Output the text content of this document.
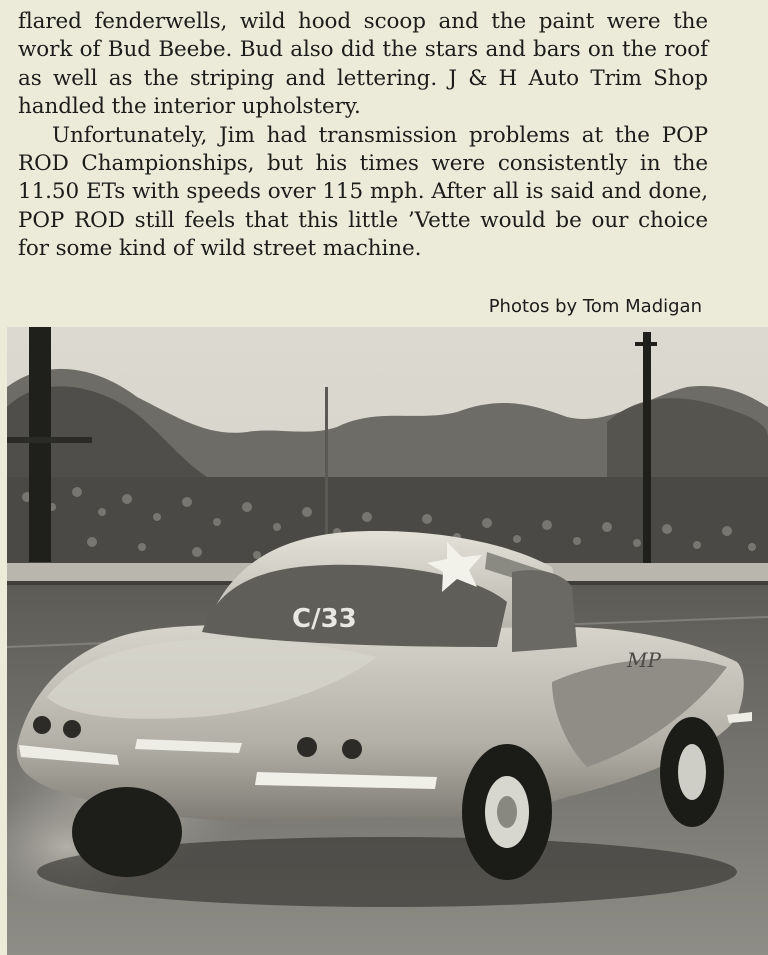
flared fenderwells, wild hood scoop and the paint were the work of Bud Beebe. Bud also did the stars and bars on the roof as well as the striping and lettering. J & H Auto Trim Shop handled the interior upholstery.

Unfortunately, Jim had transmission problems at the POP ROD Championships, but his times were consistently in the 11.50 ETs with speeds over 115 mph. After all is said and done, POP ROD still feels that this little ’Vette would be our choice for some kind of wild street machine.

Photos by Tom Madigan
C/33
MP
